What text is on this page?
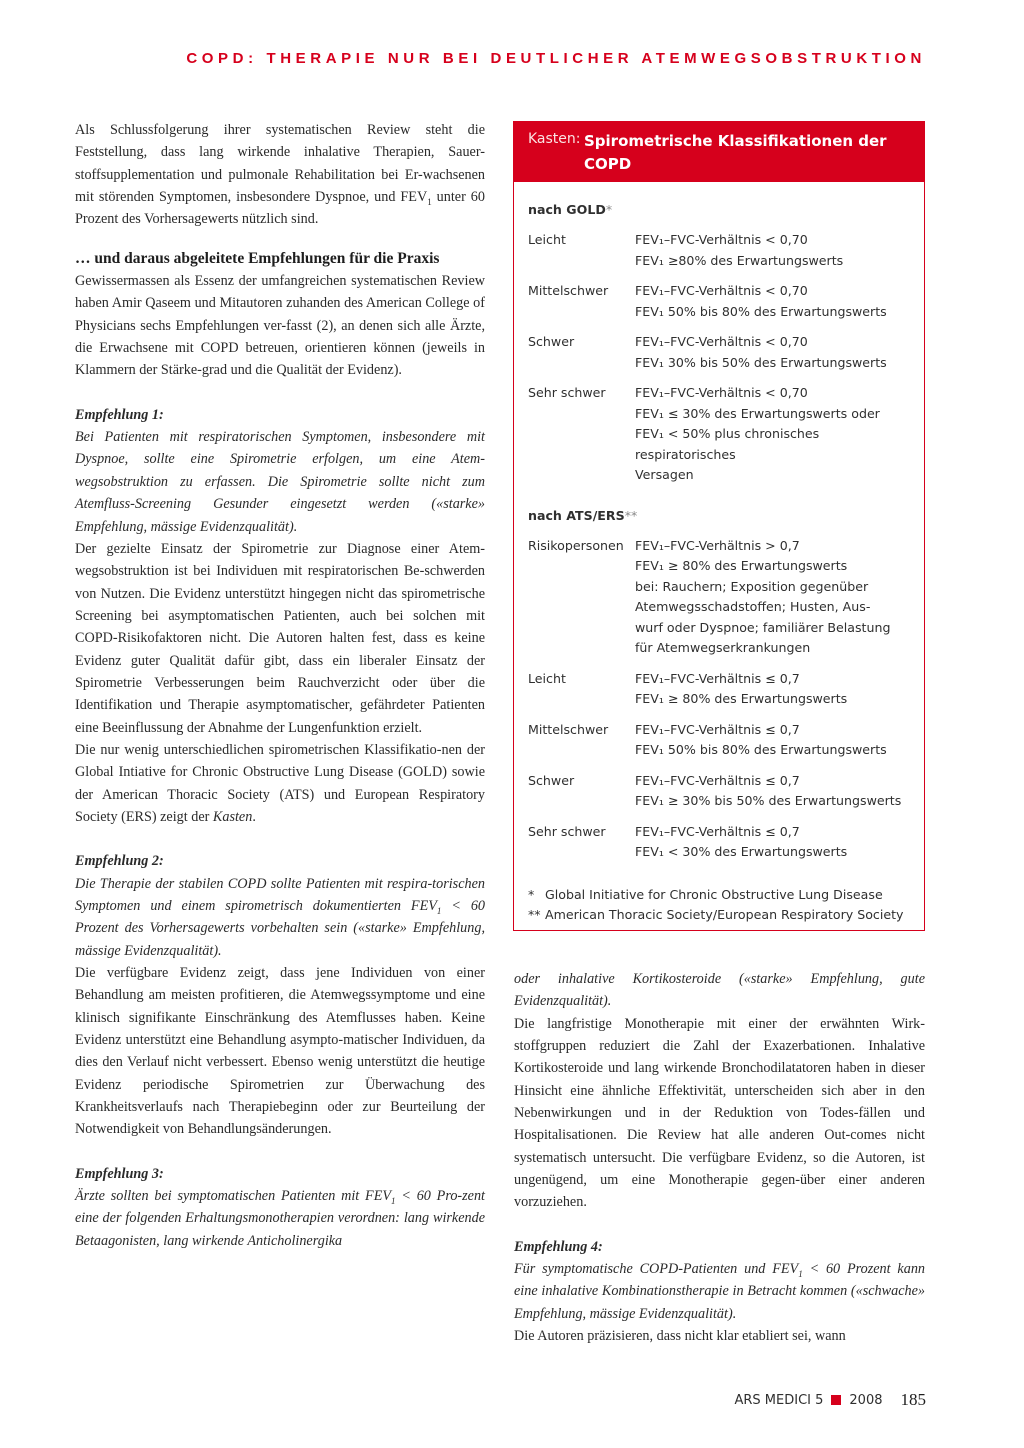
COPD: THERAPIE NUR BEI DEUTLICHER ATEMWEGSOBSTRUKTION

Als Schlussfolgerung ihrer systematischen Review steht die Feststellung, dass lang wirkende inhalative Therapien, Sauer-stoffsupplementation und pulmonale Rehabilitation bei Er-wachsenen mit störenden Symptomen, insbesondere Dyspnoe, und $FEV_1$ unter 60 Prozent des Vorhersagewerts nützlich sind.

… und daraus abgeleitete Empfehlungen für die Praxis

Gewissermassen als Essenz der umfangreichen systematischen Review haben Amir Qaseem und Mitautoren zuhanden des American College of Physicians sechs Empfehlungen ver-fasst (2), an denen sich alle Ärzte, die Erwachsene mit COPD betreuen, orientieren können (jeweils in Klammern der Stärke-grad und die Qualität der Evidenz).

Empfehlung 1:

Bei Patienten mit respiratorischen Symptomen, insbesondere mit Dyspnoe, sollte eine Spirometrie erfolgen, um eine Atem-wegsobstruktion zu erfassen. Die Spirometrie sollte nicht zum Atemfluss-Screening Gesunder eingesetzt werden («starke» Empfehlung, mässige Evidenzqualität).

Der gezielte Einsatz der Spirometrie zur Diagnose einer Atem-wegsobstruktion ist bei Individuen mit respiratorischen Be-schwerden von Nutzen. Die Evidenz unterstützt hingegen nicht das spirometrische Screening bei asymptomatischen Patienten, auch bei solchen mit COPD-Risikofaktoren nicht. Die Autoren halten fest, dass es keine Evidenz guter Qualität dafür gibt, dass ein liberaler Einsatz der Spirometrie Verbesserungen beim Rauchverzicht oder über die Identifikation und Therapie asymptomatischer, gefährdeter Patienten eine Beeinflussung der Abnahme der Lungenfunktion erzielt.

Die nur wenig unterschiedlichen spirometrischen Klassifikatio-nen der Global Intiative for Chronic Obstructive Lung Disease (GOLD) sowie der American Thoracic Society (ATS) und European Respiratory Society (ERS) zeigt der Kasten.

Empfehlung 2:

Die Therapie der stabilen COPD sollte Patienten mit respira-torischen Symptomen und einem spirometrisch dokumentierten $FEV_1 < 60$ Prozent des Vorhersagewerts vorbehalten sein («starke» Empfehlung, mässige Evidenzqualität).

Die verfügbare Evidenz zeigt, dass jene Individuen von einer Behandlung am meisten profitieren, die Atemwegssymptome und eine klinisch signifikante Einschränkung des Atemflusses haben. Keine Evidenz unterstützt eine Behandlung asympto-matischer Individuen, da dies den Verlauf nicht verbessert. Ebenso wenig unterstützt die heutige Evidenz periodische Spirometrien zur Überwachung des Krankheitsverlaufs nach Therapiebeginn oder zur Beurteilung der Notwendigkeit von Behandlungsänderungen.

Empfehlung 3:

Ärzte sollten bei symptomatischen Patienten mit $FEV_1 < 60$ Pro-zent eine der folgenden Erhaltungsmonotherapien verordnen: lang wirkende Betaagonisten, lang wirkende Anticholinergika

Kasten: Spirometrische Klassifikationen der COPD
nach GOLD*
Leicht	FEV₁–FVC-Verhältnis < 0,70
FEV₁ ≥80% des Erwartungswerts
Mittelschwer	FEV₁–FVC-Verhältnis < 0,70
FEV₁ 50% bis 80% des Erwartungswerts
Schwer	FEV₁–FVC-Verhältnis < 0,70
FEV₁ 30% bis 50% des Erwartungswerts
Sehr schwer	FEV₁–FVC-Verhältnis < 0,70
FEV₁ ≤ 30% des Erwartungswerts oder
FEV₁ < 50% plus chronisches respiratorisches
Versagen
nach ATS/ERS**
Risikopersonen FEV₁–FVC-Verhältnis > 0,7
FEV₁ ≥ 80% des Erwartungswerts
bei: Rauchern; Exposition gegenüber
Atemwegsschadstoffen; Husten, Aus-
wurf oder Dyspnoe; familiärer Belastung
für Atemwegserkrankungen
Leicht	FEV₁–FVC-Verhältnis ≤ 0,7
FEV₁ ≥ 80% des Erwartungswerts
Mittelschwer	FEV₁–FVC-Verhältnis ≤ 0,7
FEV₁ 50% bis 80% des Erwartungswerts
Schwer	FEV₁–FVC-Verhältnis ≤ 0,7
FEV₁ ≥ 30% bis 50% des Erwartungswerts
Sehr schwer	FEV₁–FVC-Verhältnis ≤ 0,7
FEV₁ < 30% des Erwartungswerts
* Global Initiative for Chronic Obstructive Lung Disease
** American Thoracic Society/European Respiratory Society

oder inhalative Kortikosteroide («starke» Empfehlung, gute Evidenzqualität).

Die langfristige Monotherapie mit einer der erwähnten Wirk-stoffgruppen reduziert die Zahl der Exazerbationen. Inhalative Kortikosteroide und lang wirkende Bronchodilatatoren haben in dieser Hinsicht eine ähnliche Effektivität, unterscheiden sich aber in den Nebenwirkungen und in der Reduktion von Todes-fällen und Hospitalisationen. Die Review hat alle anderen Out-comes nicht systematisch untersucht. Die verfügbare Evidenz, so die Autoren, ist ungenügend, um eine Monotherapie gegen-über einer anderen vorzuziehen.

Empfehlung 4:

Für symptomatische COPD-Patienten und $FEV_1 < 60$ Prozent kann eine inhalative Kombinationstherapie in Betracht kommen («schwache» Empfehlung, mässige Evidenzqualität).

Die Autoren präzisieren, dass nicht klar etabliert sei, wann

ARS MEDICI 5 2008 185
